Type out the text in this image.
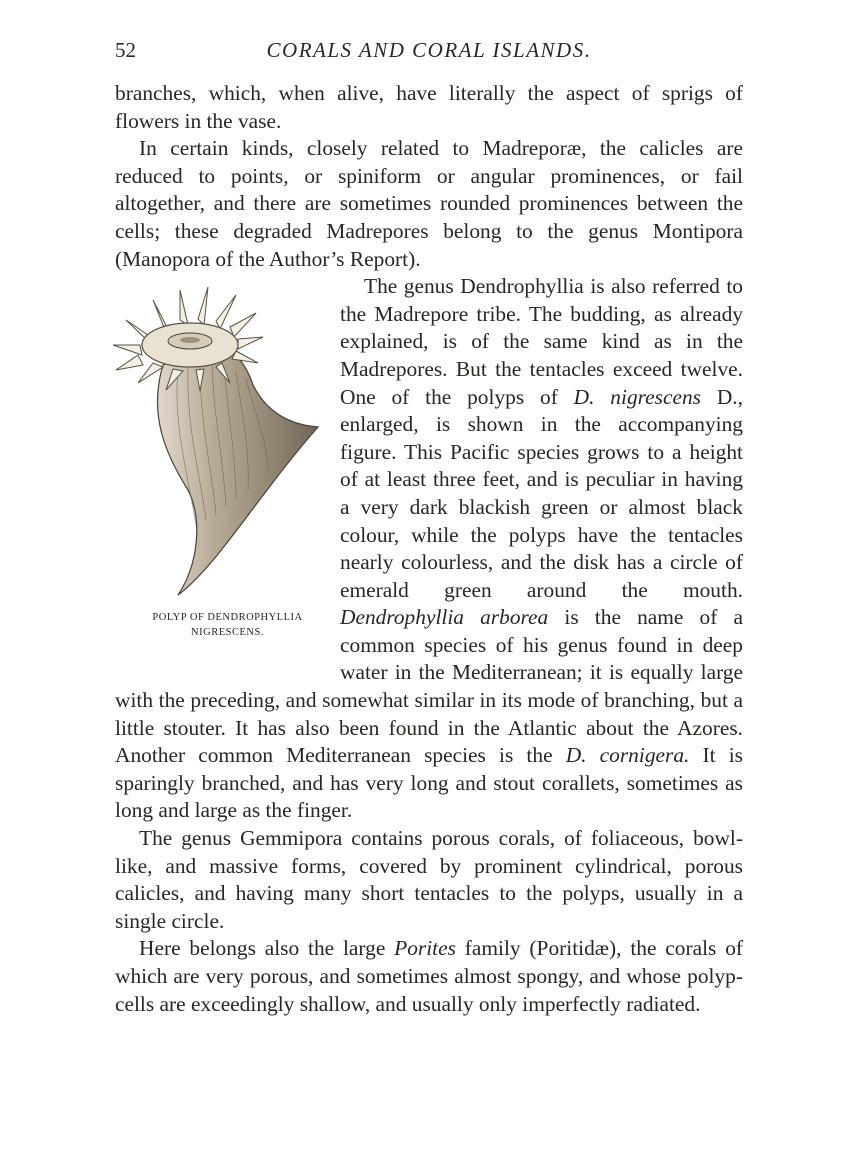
52	CORALS AND CORAL ISLANDS.

branches, which, when alive, have literally the aspect of sprigs of flowers in the vase.

In certain kinds, closely related to Madreporæ, the calicles are reduced to points, or spiniform or angular prominences, or fail altogether, and there are sometimes rounded prominences between the cells; these degraded Madrepores belong to the genus Montipora (Manopora of the Author’s Report).

POLYP OF DENDROPHYLLIA
NIGRESCENS.
The genus Dendrophyllia is also referred to the Madrepore tribe. The budding, as already explained, is of the same kind as in the Madrepores. But the tentacles exceed twelve. One of the polyps of D. nigrescens D., enlarged, is shown in the accompanying figure. This Pacific species grows to a height of at least three feet, and is peculiar in having a very dark blackish green or almost black colour, while the polyps have the tentacles nearly colourless, and the disk has a circle of emerald green around the mouth. Dendrophyllia arborea is the name of a common species of his genus found in deep water in the Mediterranean; it is equally large with the preceding, and somewhat similar in its mode of branching, but a little stouter. It has also been found in the Atlantic about the Azores. Another common Mediterranean species is the D. cornigera. It is sparingly branched, and has very long and stout corallets, sometimes as long and large as the finger.

The genus Gemmipora contains porous corals, of foliaceous, bowl-like, and massive forms, covered by prominent cylindrical, porous calicles, and having many short tentacles to the polyps, usually in a single circle.

Here belongs also the large Porites family (Poritidæ), the corals of which are very porous, and sometimes almost spongy, and whose polyp-cells are exceedingly shallow, and usually only imperfectly radiated.
